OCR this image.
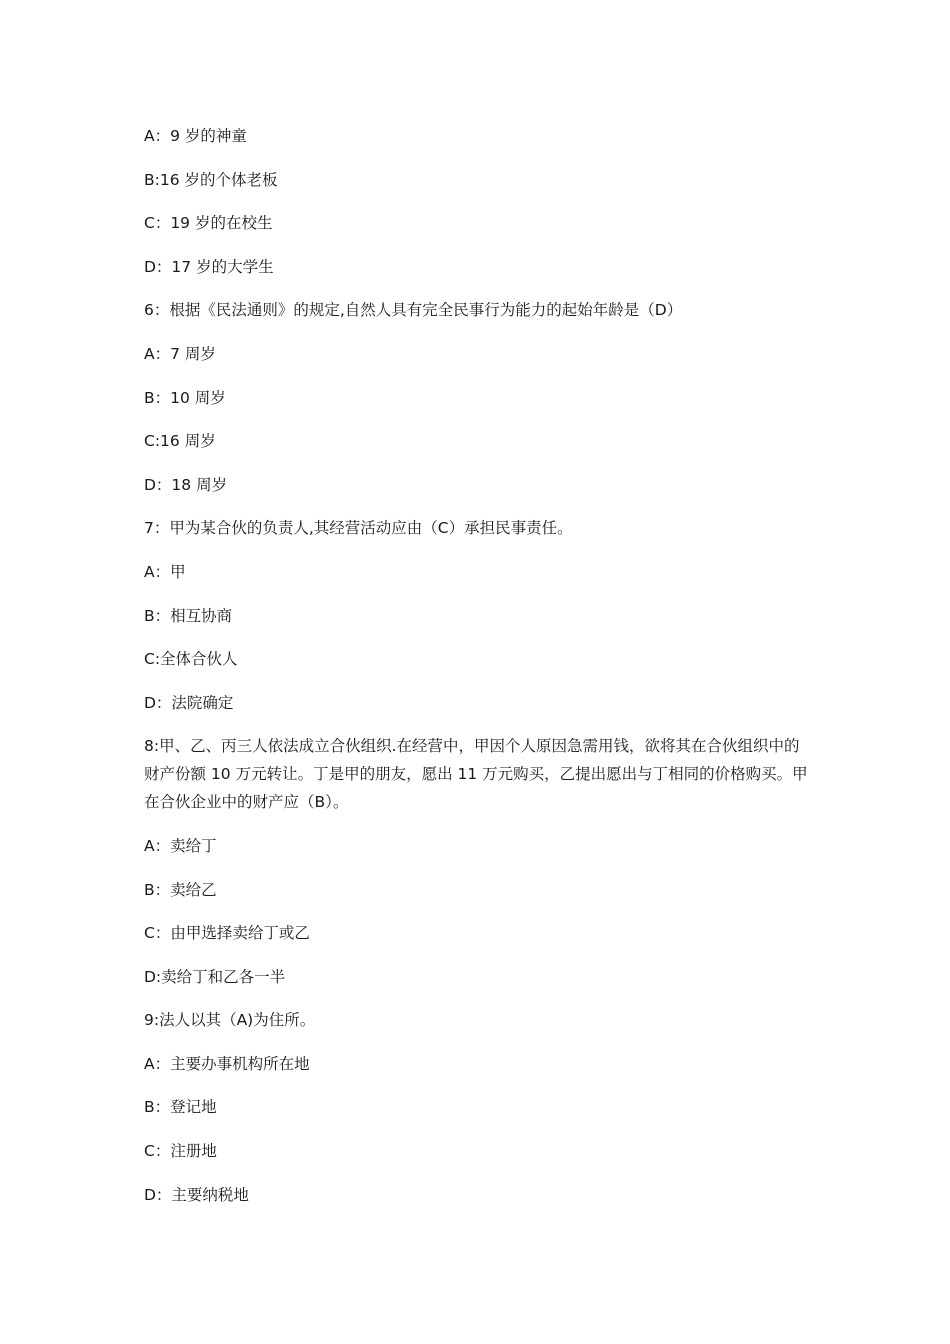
A：9 岁的神童
B:16 岁的个体老板
C：19 岁的在校生
D：17 岁的大学生
6：根据《民法通则》的规定,自然人具有完全民事行为能力的起始年龄是（D）
A：7 周岁
B：10 周岁
C:16 周岁
D：18 周岁
7：甲为某合伙的负责人,其经营活动应由（C）承担民事责任。
A：甲
B：相互协商
C:全体合伙人
D：法院确定
8:甲、乙、丙三人依法成立合伙组织.在经营中，甲因个人原因急需用钱，欲将其在合伙组织中的财产份额 10 万元转让。丁是甲的朋友，愿出 11 万元购买，乙提出愿出与丁相同的价格购买。甲在合伙企业中的财产应（B）。
A：卖给丁
B：卖给乙
C：由甲选择卖给丁或乙
D:卖给丁和乙各一半
9:法人以其（A)为住所。
A：主要办事机构所在地
B：登记地
C：注册地
D：主要纳税地
